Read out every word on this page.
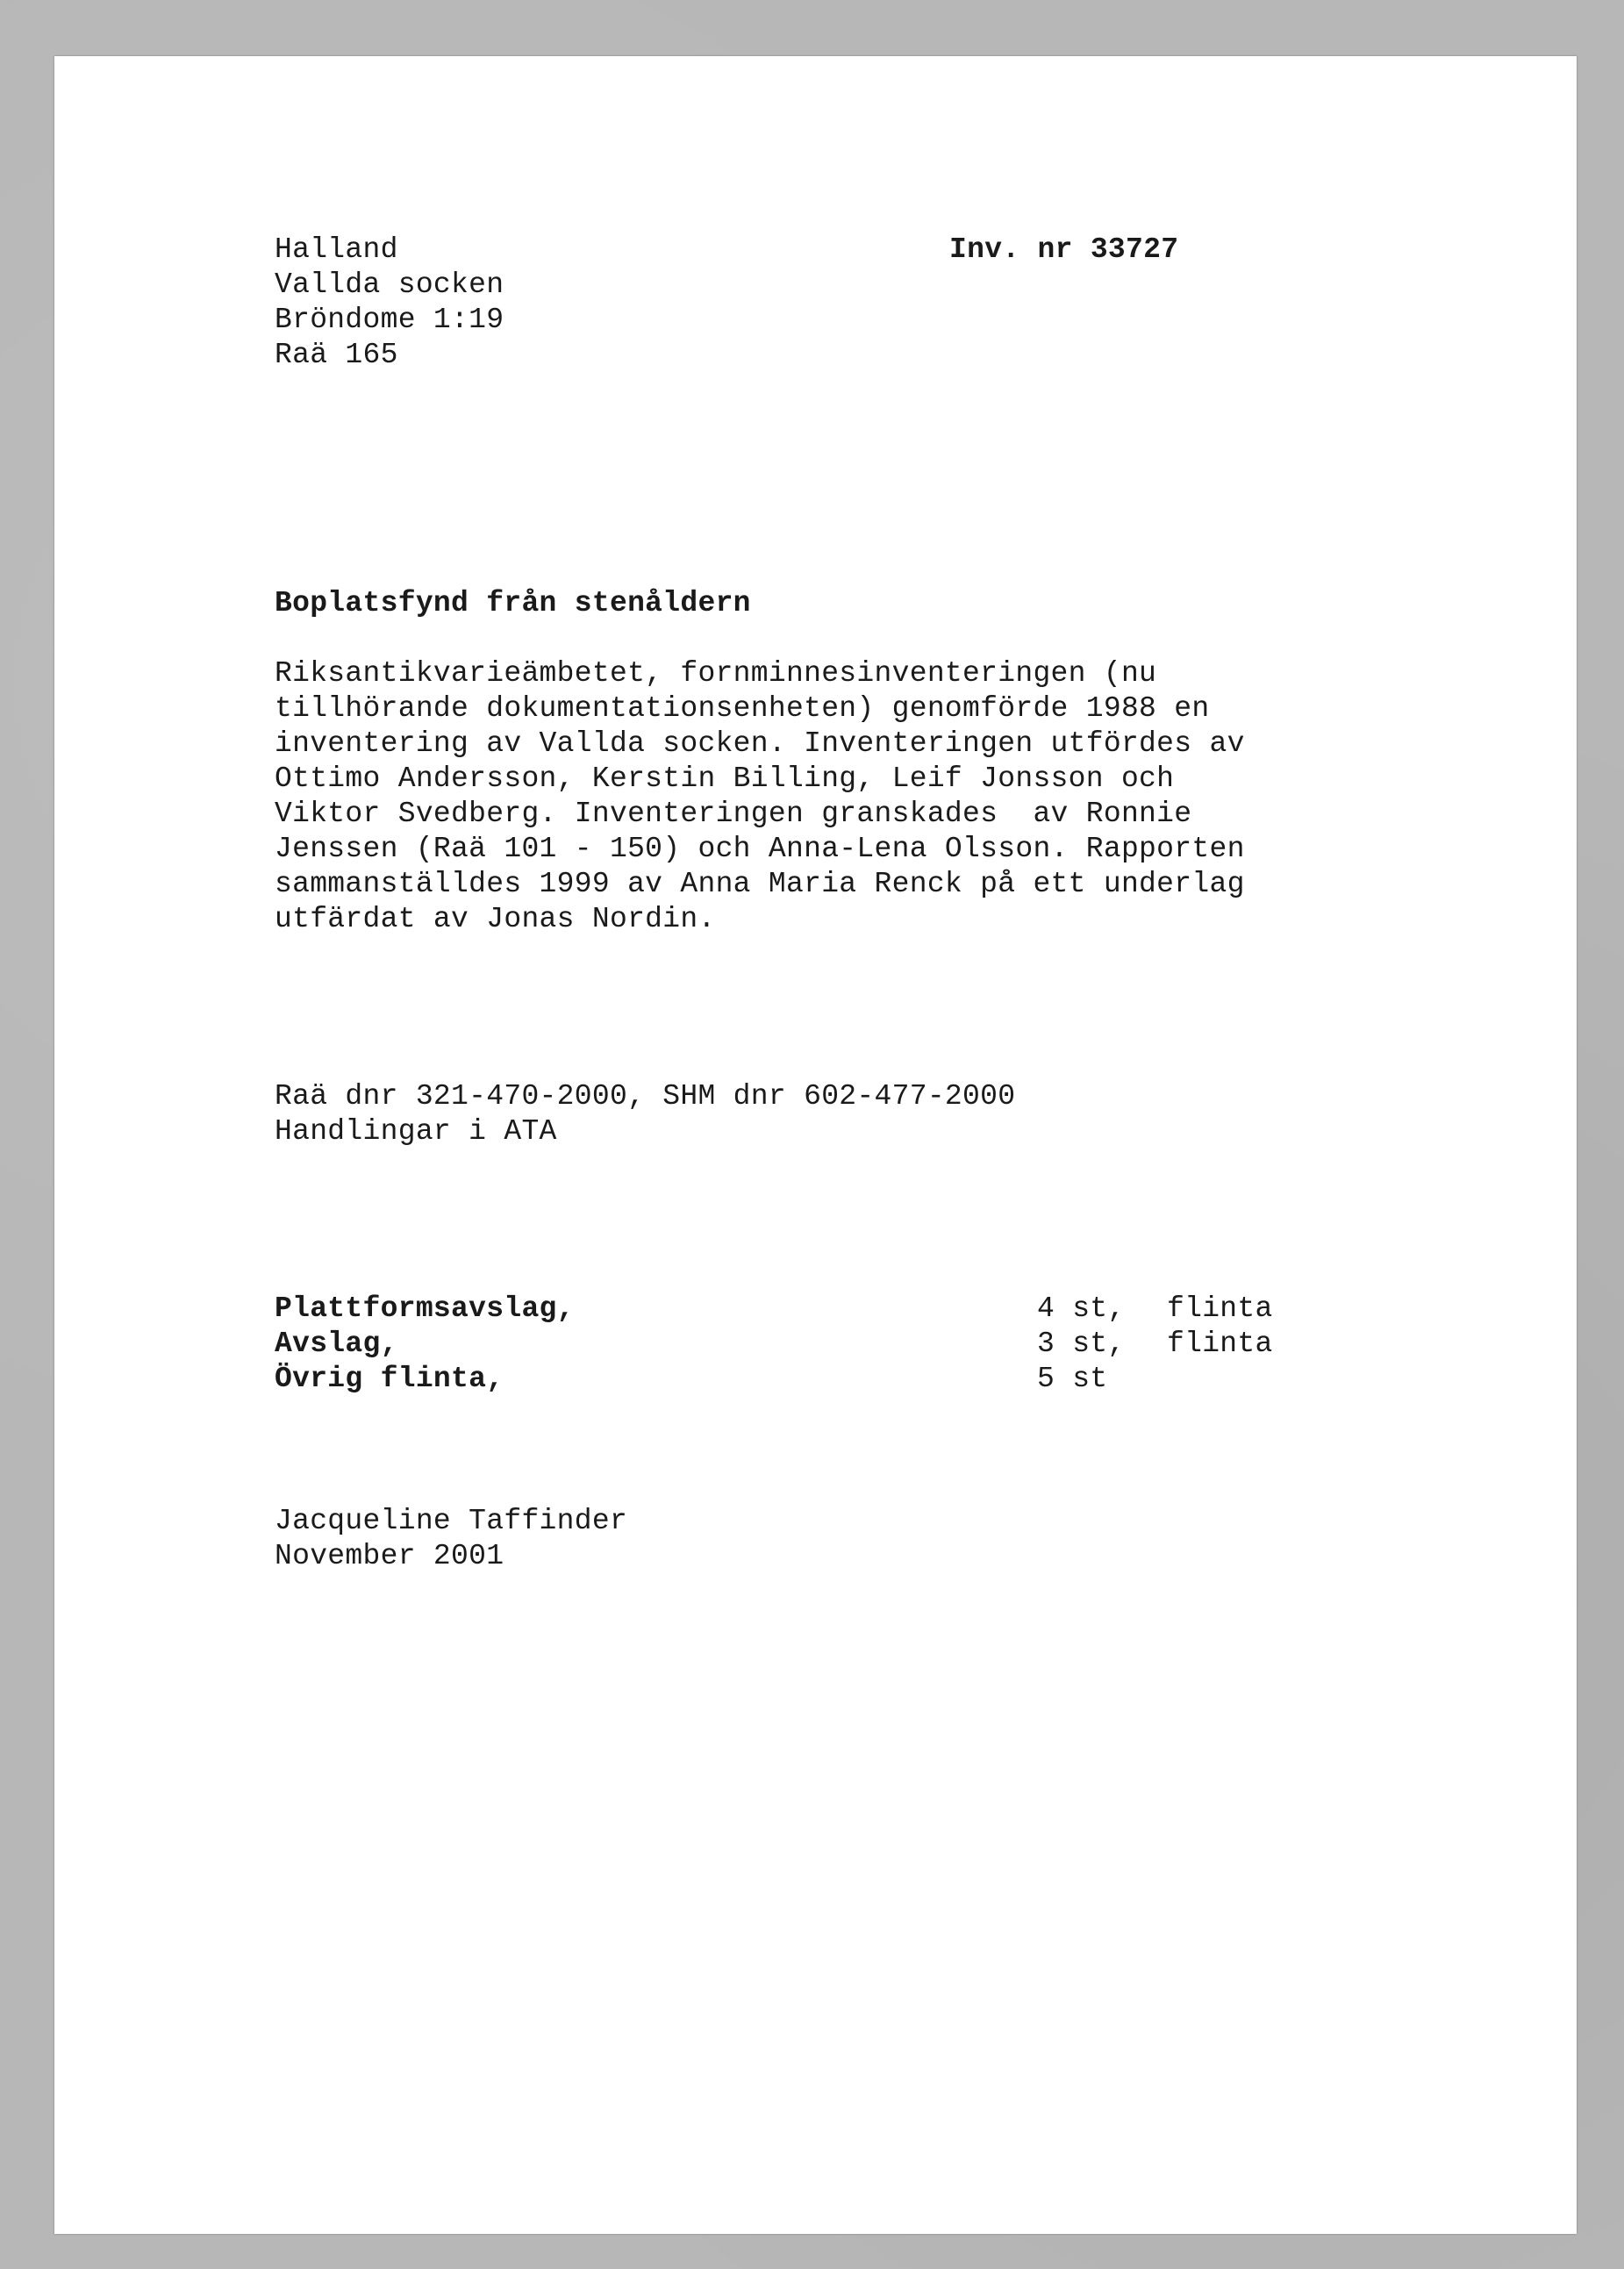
Halland
Vallda socken
Bröndome 1:19
Raä 165
Inv. nr 33727
Boplatsfynd från stenåldern
Riksantikvarieämbetet, fornminnesinventeringen (nu
tillhörande dokumentationsenheten) genomförde 1988 en
inventering av Vallda socken. Inventeringen utfördes av
Ottimo Andersson, Kerstin Billing, Leif Jonsson och
Viktor Svedberg. Inventeringen granskades  av Ronnie
Jenssen (Raä 101 - 150) och Anna-Lena Olsson. Rapporten
sammanställdes 1999 av Anna Maria Renck på ett underlag
utfärdat av Jonas Nordin.
Raä dnr 321-470-2000, SHM dnr 602-477-2000
Handlingar i ATA
Plattformsavslag,	4 st, flinta
Avslag,	3 st, flinta
Övrig flinta,	5 st
Jacqueline Taffinder
November 2001
